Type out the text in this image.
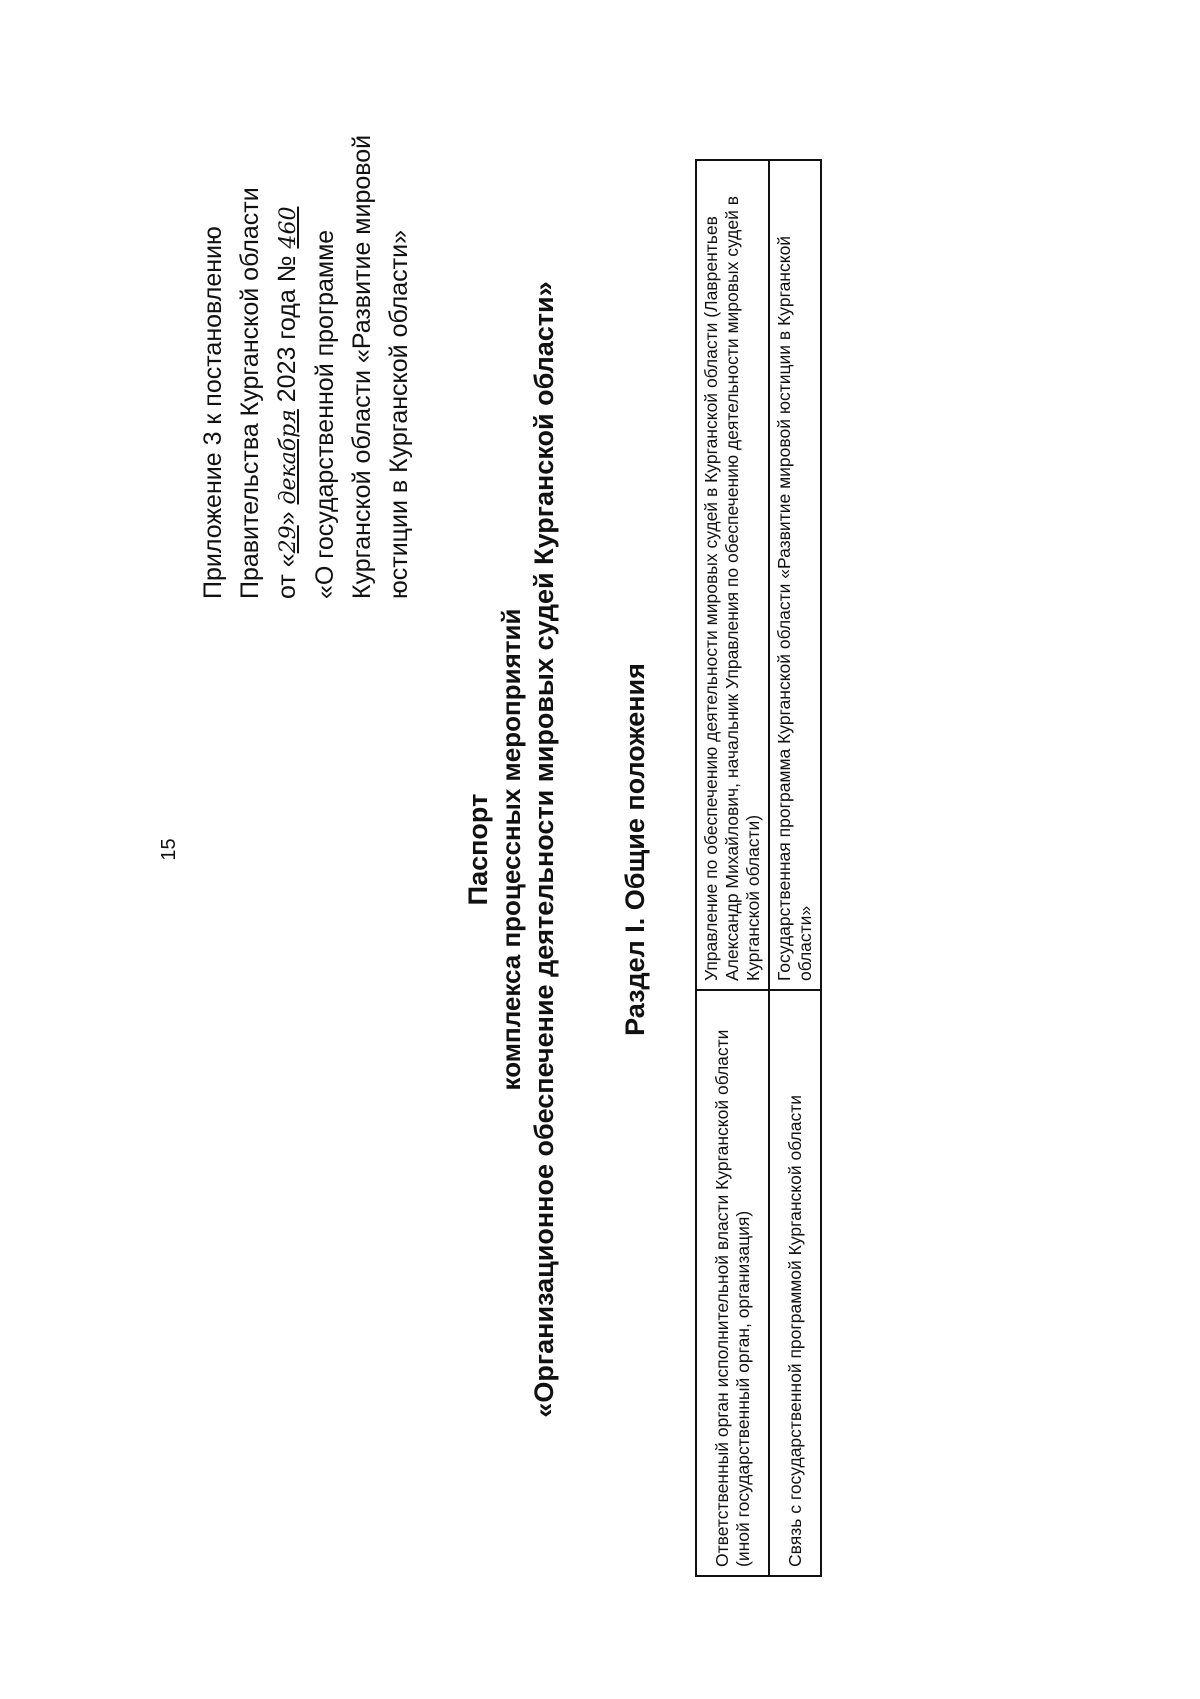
15
Приложение 3 к постановлению Правительства Курганской области от «29» декабря 2023 года № 460
«О государственной программе Курганской области «Развитие мировой юстиции в Курганской области»
Паспорт комплекса процессных мероприятий «Организационное обеспечение деятельности мировых судей Курганской области» Раздел I. Общие положения
Ответственный орган исполнительной власти Курганской области (иной государственный орган, организация)	Управление по обеспечению деятельности мировых судей в Курганской области (Лаврентьев Александр Михайлович, начальник Управления по обеспечению деятельности мировых судей в Курганской области)
Связь с государственной программой Курганской области	Государственная программа Курганской области «Развитие мировой юстиции в Курганской области»
